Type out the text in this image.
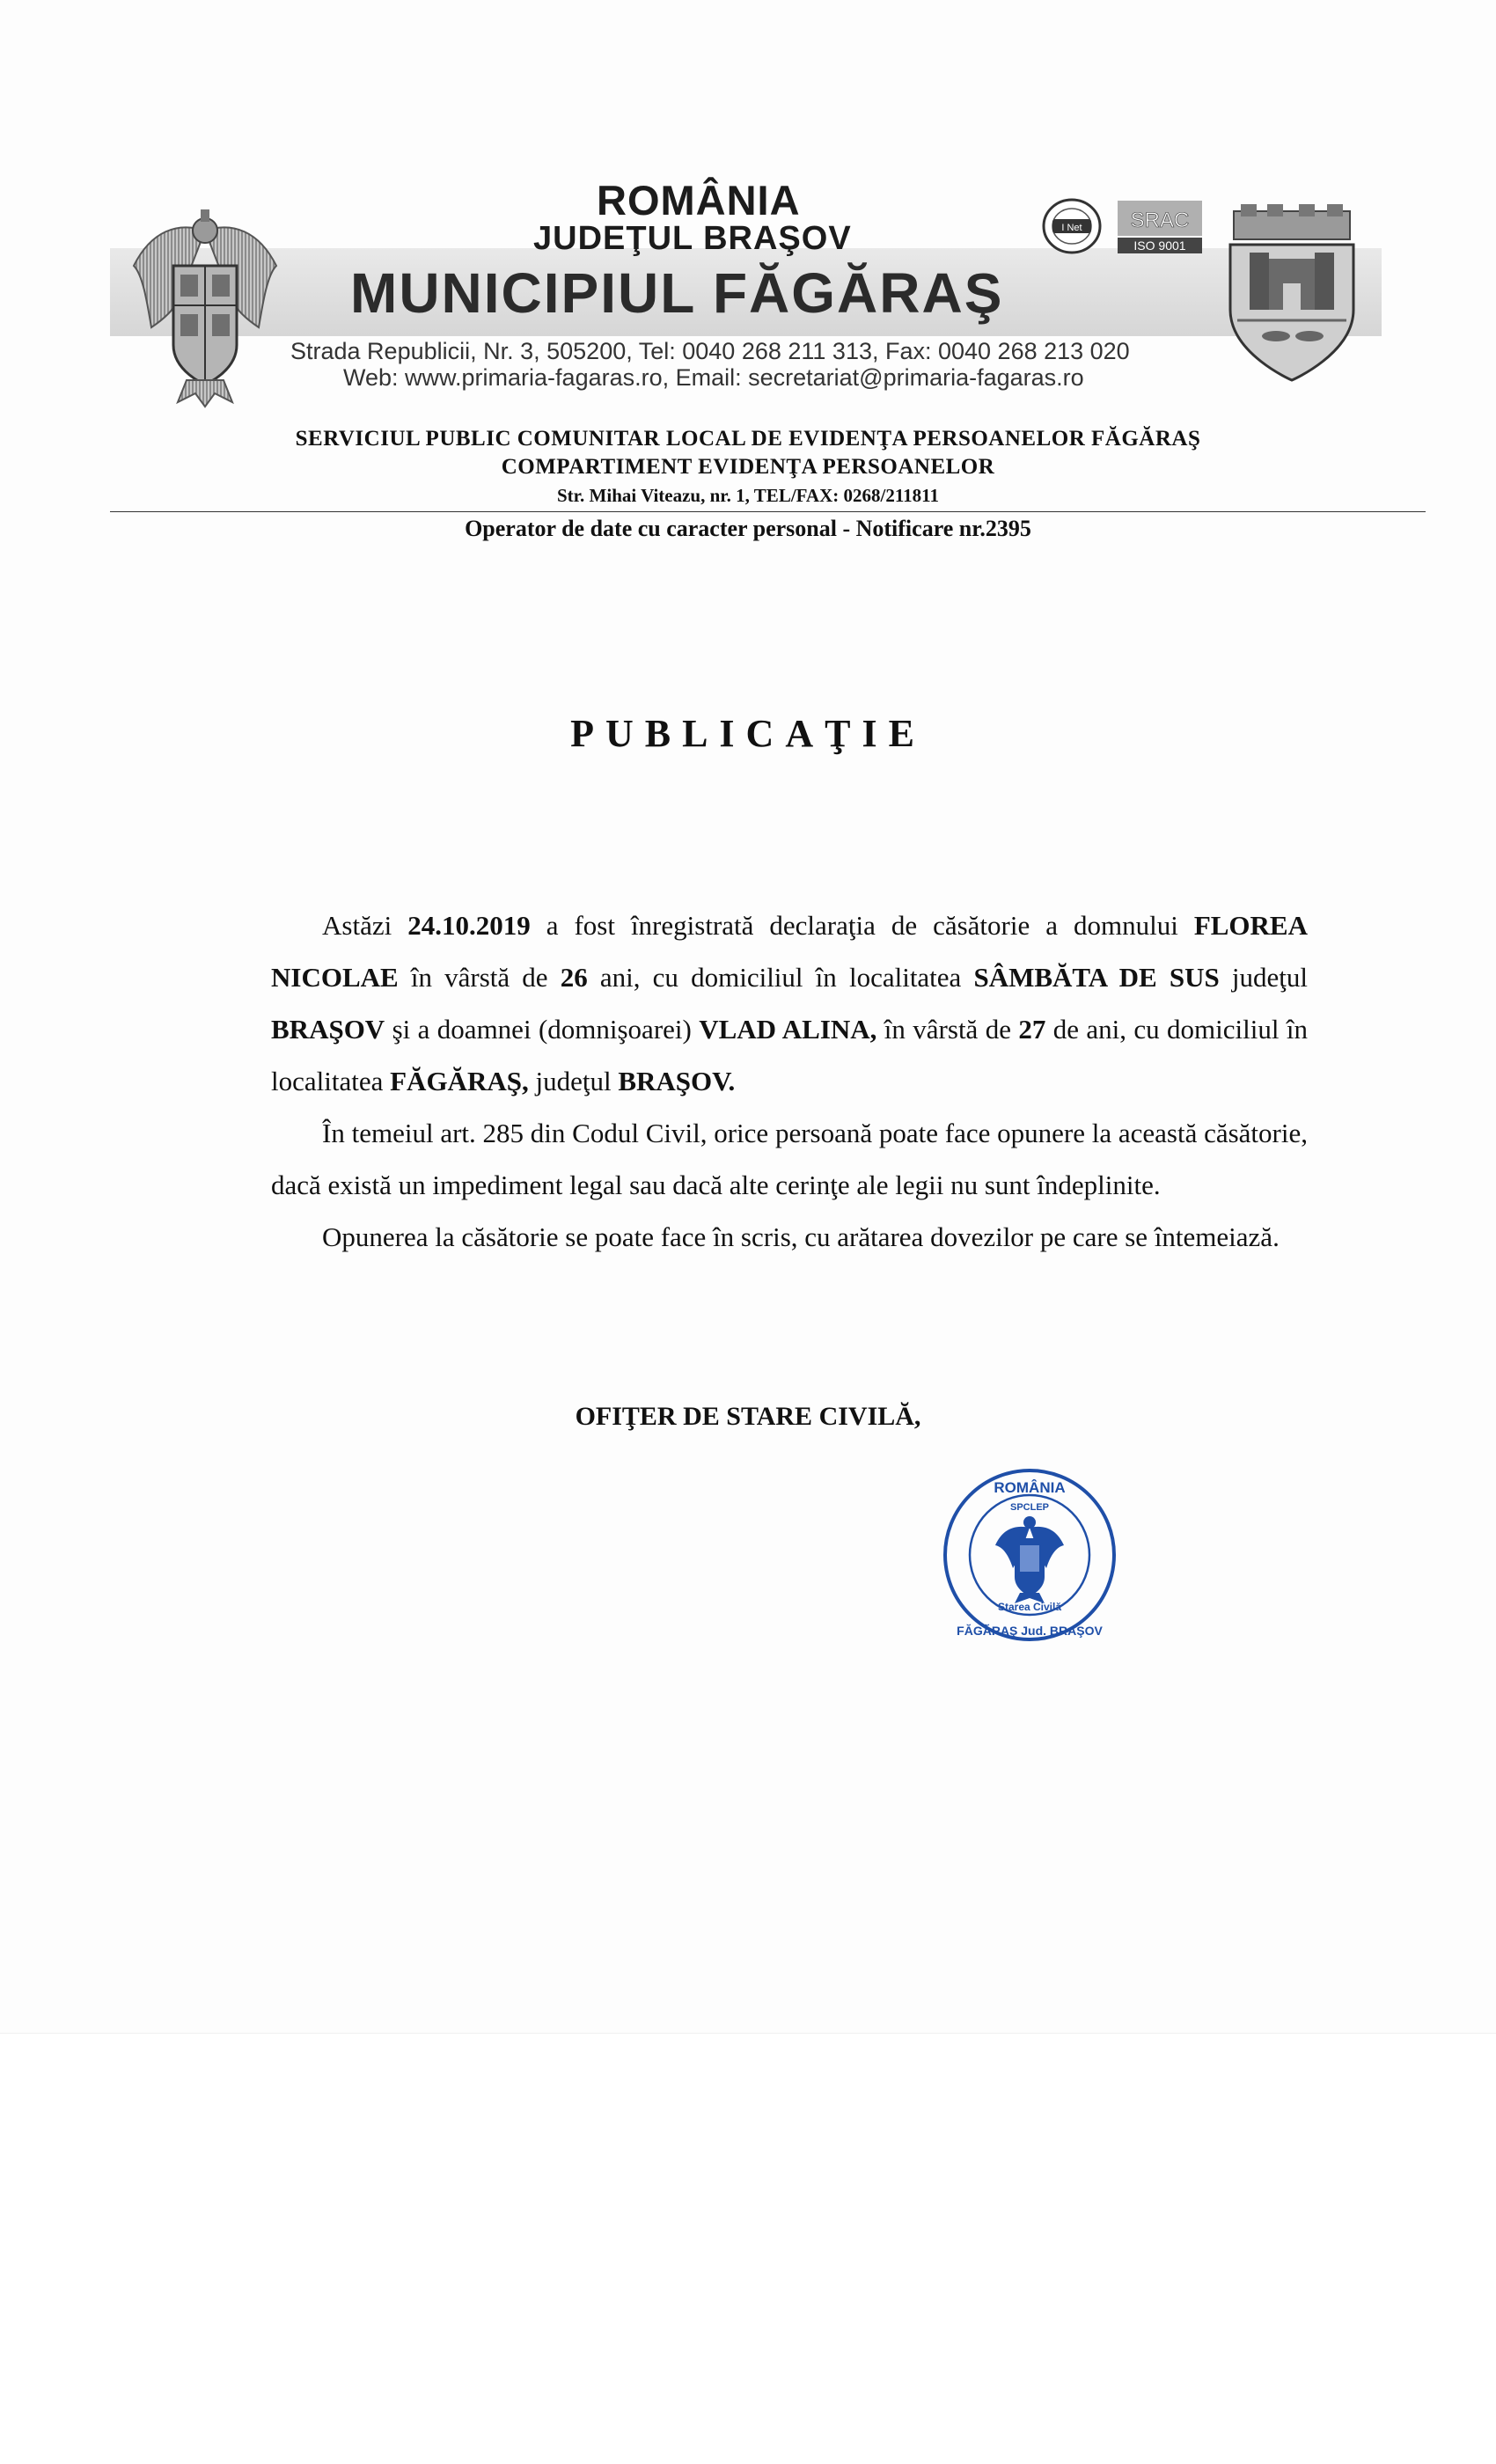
ROMÂNIA
JUDEŢUL BRAŞOV
MUNICIPIUL FĂGĂRAŞ
Strada Republicii, Nr. 3, 505200, Tel: 0040 268 211 313, Fax: 0040 268 213 020
Web: www.primaria-fagaras.ro, Email: secretariat@primaria-fagaras.ro
I Net SRAC
ISO 9001
SERVICIUL PUBLIC COMUNITAR LOCAL DE EVIDENŢA PERSOANELOR FĂGĂRAŞ
COMPARTIMENT EVIDENŢA PERSOANELOR
Str. Mihai Viteazu, nr. 1, TEL/FAX: 0268/211811
Operator de date cu caracter personal - Notificare nr.2395
PUBLICAŢIE

Astăzi 24.10.2019 a fost înregistrată declaraţia de căsătorie a domnului FLOREA NICOLAE în vârstă de 26 ani, cu domiciliul în localitatea SÂMBĂTA DE SUS judeţul BRAŞOV şi a doamnei (domnişoarei) VLAD ALINA, în vârstă de 27 de ani, cu domiciliul în localitatea FĂGĂRAŞ, judeţul BRAŞOV.

În temeiul art. 285 din Codul Civil, orice persoană poate face opunere la această căsătorie, dacă există un impediment legal sau dacă alte cerinţe ale legii nu sunt îndeplinite.

Opunerea la căsătorie se poate face în scris, cu arătarea dovezilor pe care se întemeiază.

OFIŢER DE STARE CIVILĂ,
ROMÂNIA
SPCLEP
Starea Civilă
FĂGĂRAŞ Jud. BRAŞOV
Civilă
